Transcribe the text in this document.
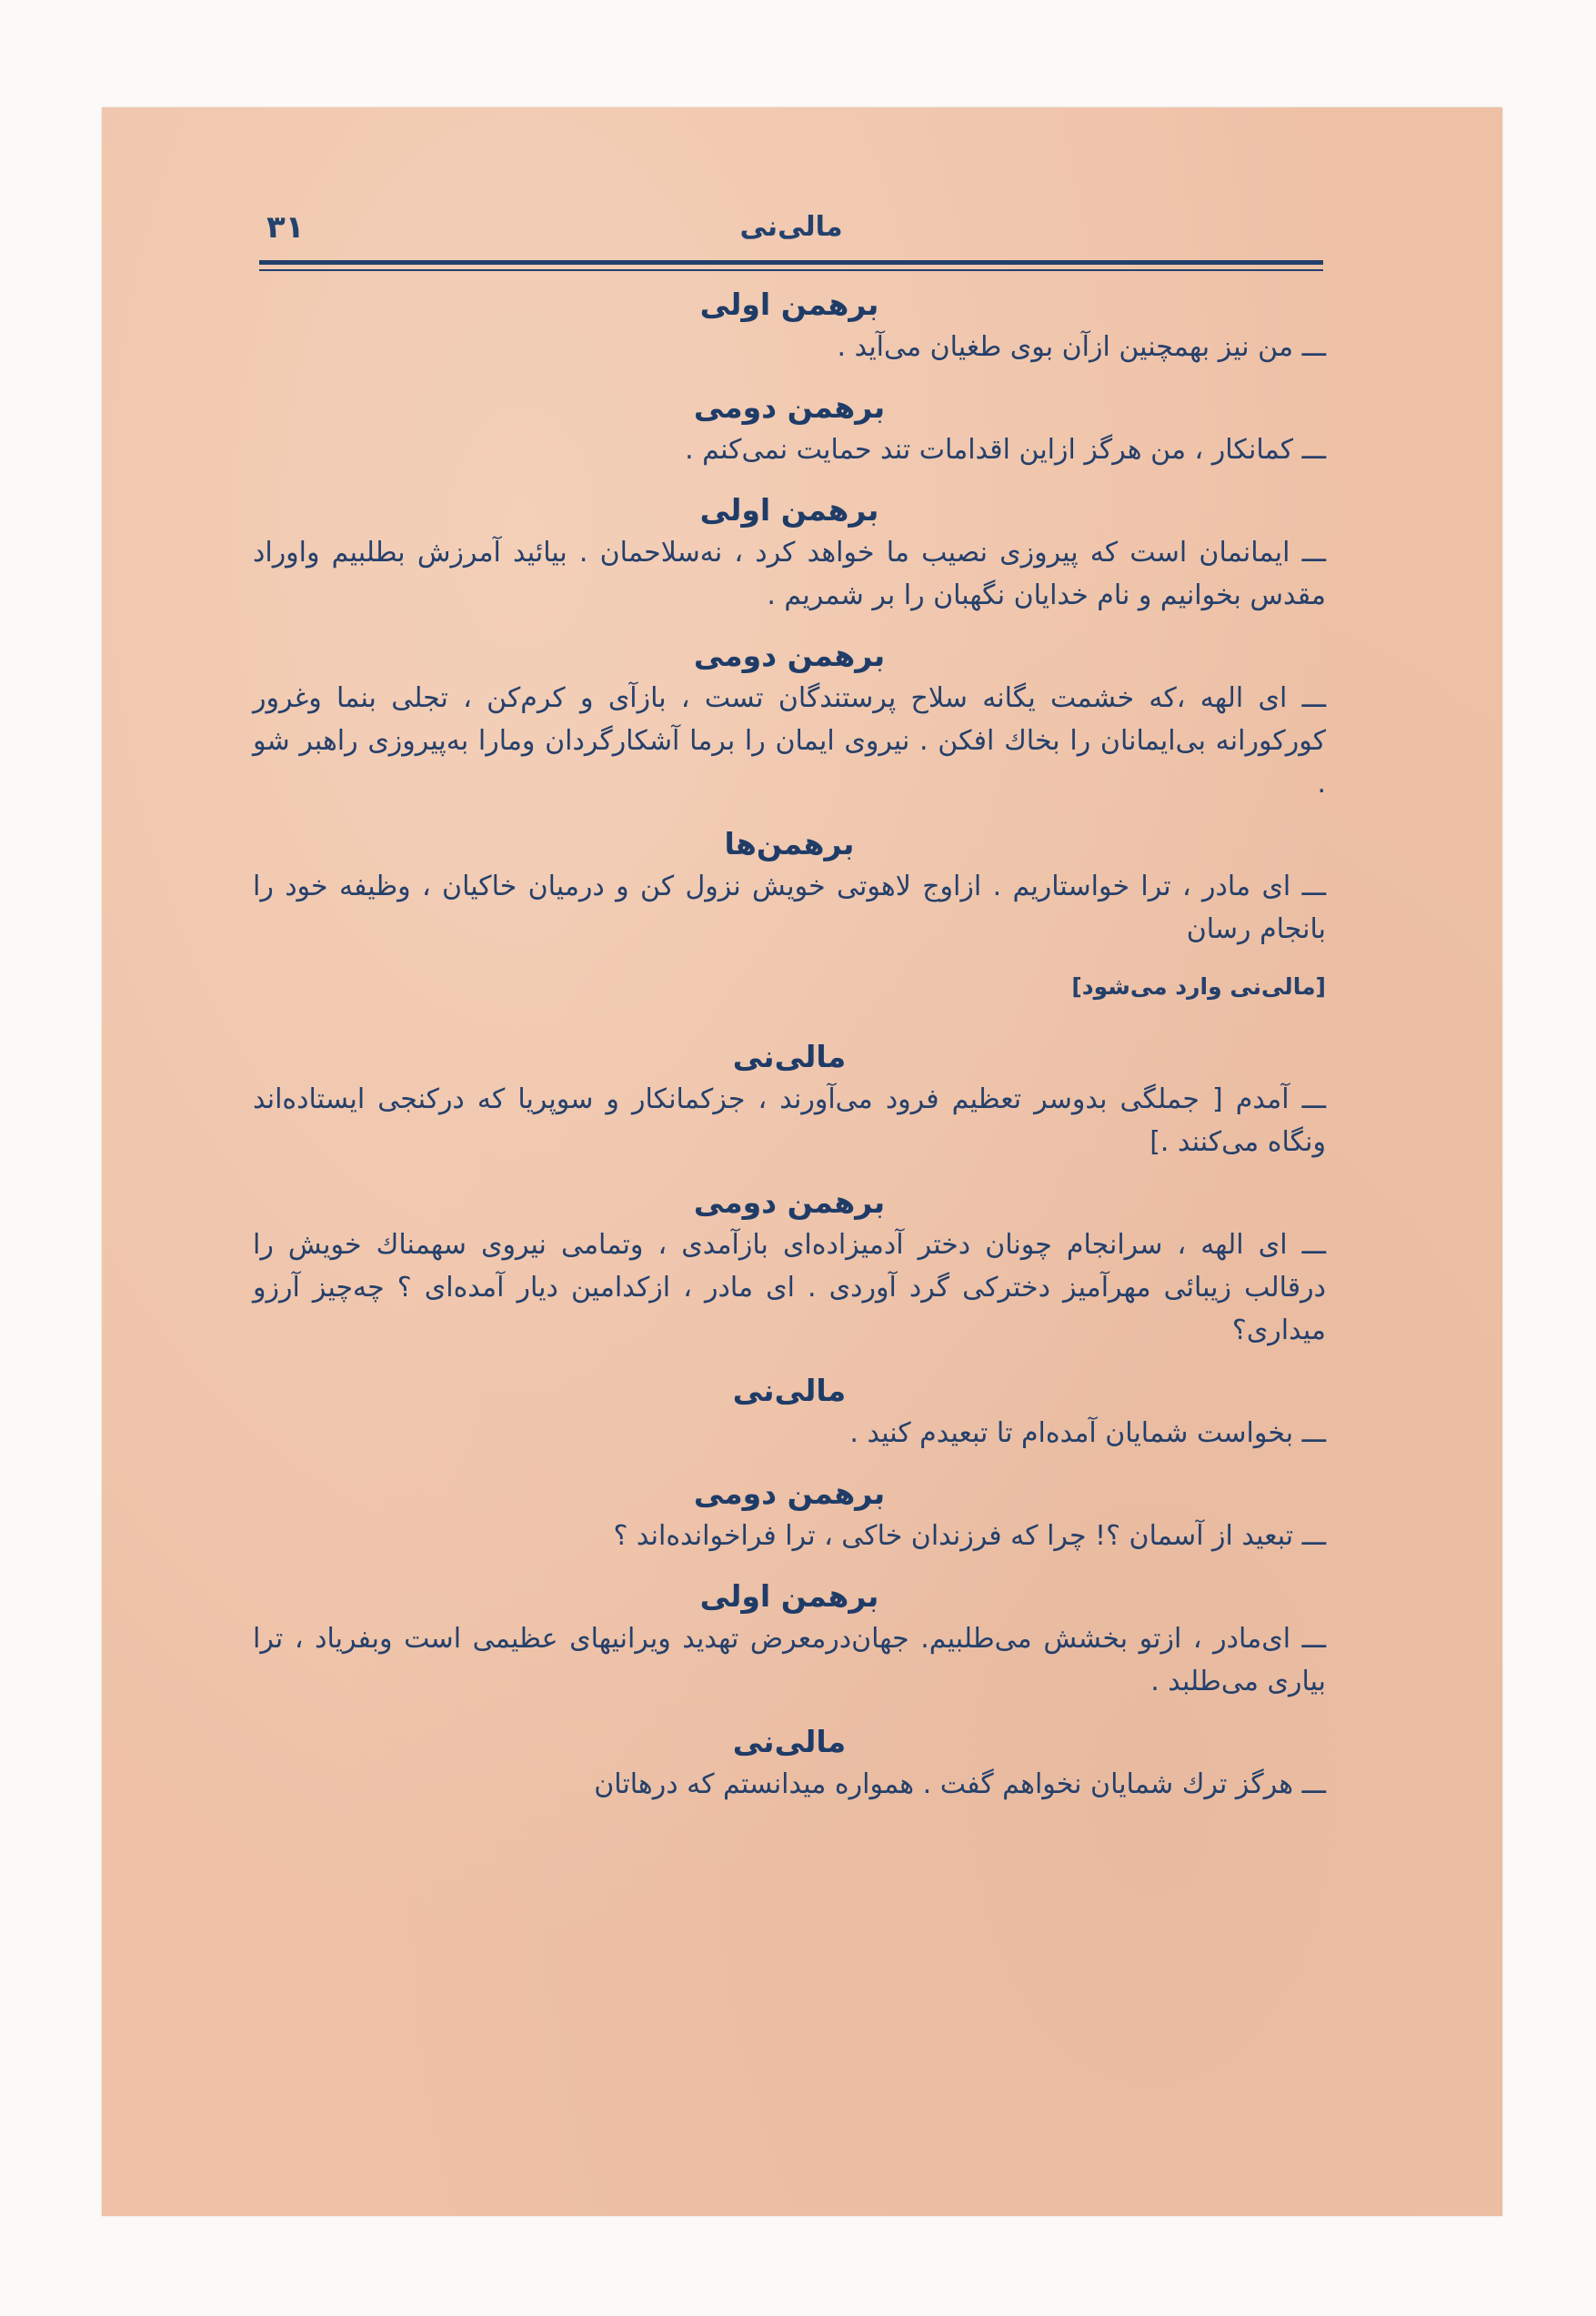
مالی‌نی
۳۱
برهمن اولی

ـــ من نیز بهمچنین ازآن بوی طغیان می‌آید .

برهمن دومی

ـــ کمانکار ، من هرگز ازاین اقدامات تند حمایت نمی‌کنم .

برهمن اولی

ـــ ایمانمان است که پیروزی نصیب ما خواهد کرد ، نه‌سلاحمان . بیائید آمرزش بطلبیم واوراد مقدس بخوانیم و نام خدایان نگهبان را بر شمریم .

برهمن دومی

ـــ ای الهه ،که خشمت یگانه سلاح پرستندگان تست ، بازآی و کرم‌کن ، تجلی بنما وغرور کورکورانه بی‌ایمانان را بخاك افکن . نیروی ایمان را برما آشکارگردان ومارا به‌پیروزی راهبر شو .

برهمن‌ها

ـــ ای مادر ، ترا خواستاریم . ازاوج لاهوتی خویش نزول کن و درمیان خاکیان ، وظیفه خود را بانجام رسان

[مالی‌نی وارد می‌شود]
مالی‌نی

ـــ آمدم [ جملگی بدوسر تعظیم فرود می‌آورند ، جزکمانکار و سوپریا که درکنجی ایستاده‌اند ونگاه می‌کنند .]

برهمن دومی

ـــ ای الهه ، سرانجام چونان دختر آدمیزاده‌ای بازآمدی ، وتمامی نیروی سهمناك خویش را درقالب زیبائی مهرآمیز دخترکی گرد آوردی . ای مادر ، ازکدامین دیار آمده‌ای ؟ چه‌چیز آرزو میداری؟

مالی‌نی

ـــ بخواست شمایان آمده‌ام تا تبعیدم کنید .

برهمن دومی

ـــ تبعید از آسمان ؟! چرا که فرزندان خاکی ، ترا فراخوانده‌اند ؟

برهمن اولی

ـــ ای‌مادر ، ازتو بخشش می‌طلبیم. جهان‌درمعرض تهدید ویرانیهای عظیمی است وبفریاد ، ترا بیاری می‌طلبد .

مالی‌نی

ـــ هرگز ترك شمایان نخواهم گفت . همواره میدانستم که درهاتان
